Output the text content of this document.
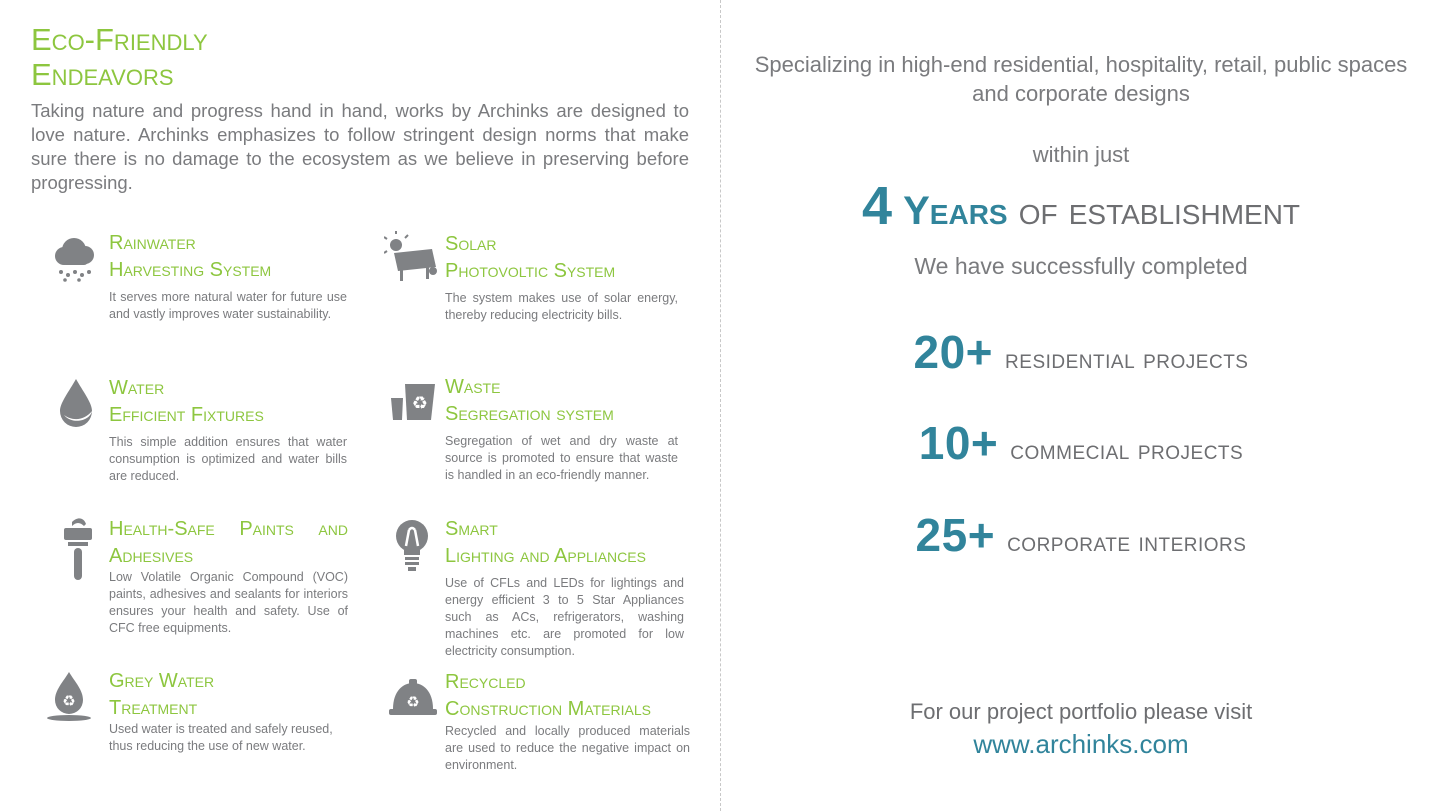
Eco-Friendly
Endeavors

Taking nature and progress hand in hand, works by Archinks are designed to love nature. Archinks emphasizes to follow stringent design norms that make sure there is no damage to the ecosystem as we believe in preserving before progressing.

Rainwater
Harvesting System
It serves more natural water for future use and vastly improves water sustainability.
Solar
Photovoltic System
The system makes use of solar energy, thereby reducing electricity bills.
Water
Efficient Fixtures
This simple addition ensures that water consumption is optimized and water bills are reduced.
♻
Waste
Segregation system
Segregation of wet and dry waste at source is promoted to ensure that waste is handled in an eco-friendly manner.
Health-Safe Paints and
Adhesives
Low Volatile Organic Compound (VOC) paints, adhesives and sealants for interiors ensures your health and safety. Use of CFC free equipments.
Smart
Lighting and Appliances
Use of CFLs and LEDs for lightings and energy efficient 3 to 5 Star Appliances such as ACs, refrigerators, washing machines etc. are promoted for low electricity consumption.
♻
Grey Water
Treatment
Used water is treated and safely reused, thus reducing the use of new water.
♻
Recycled
Construction Materials
Recycled and locally produced materials are used to reduce the negative impact on environment.
Specializing in high-end residential, hospitality, retail, public spaces and corporate designs
within just
4 Years of establishment
We have successfully completed
20+ residential projects
10+ commecial projects
25+ corporate interiors
For our project portfolio please visit
www.archinks.com
